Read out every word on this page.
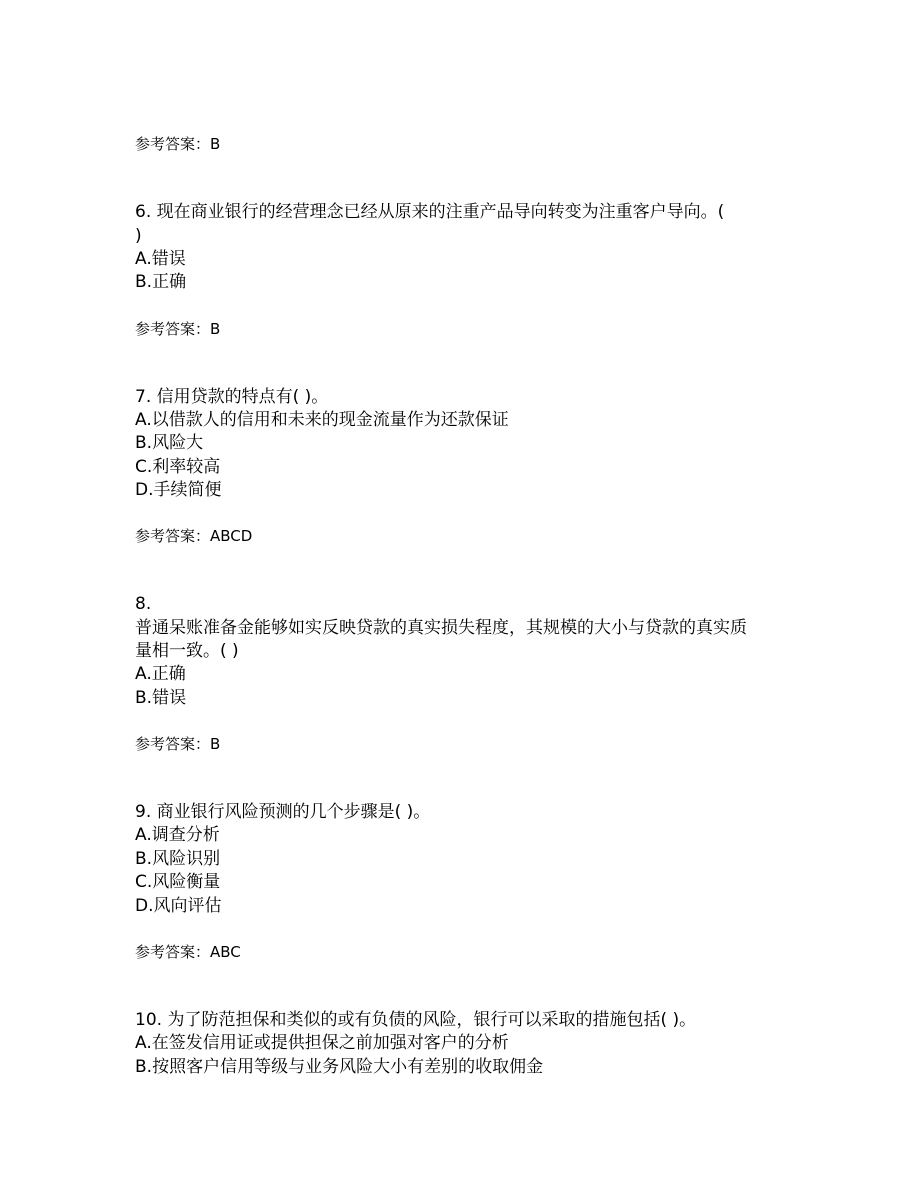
参考答案：B
6. 现在商业银行的经营理念已经从原来的注重产品导向转变为注重客户导向。(
)
A.错误
B.正确
参考答案：B
7. 信用贷款的特点有( )。
A.以借款人的信用和未来的现金流量作为还款保证
B.风险大
C.利率较高
D.手续简便
参考答案：ABCD
8.
普通呆账准备金能够如实反映贷款的真实损失程度，其规模的大小与贷款的真实质
量相一致。( )
A.正确
B.错误
参考答案：B
9. 商业银行风险预测的几个步骤是( )。
A.调查分析
B.风险识别
C.风险衡量
D.风向评估
参考答案：ABC
10. 为了防范担保和类似的或有负债的风险，银行可以采取的措施包括( )。
A.在签发信用证或提供担保之前加强对客户的分析
B.按照客户信用等级与业务风险大小有差别的收取佣金
